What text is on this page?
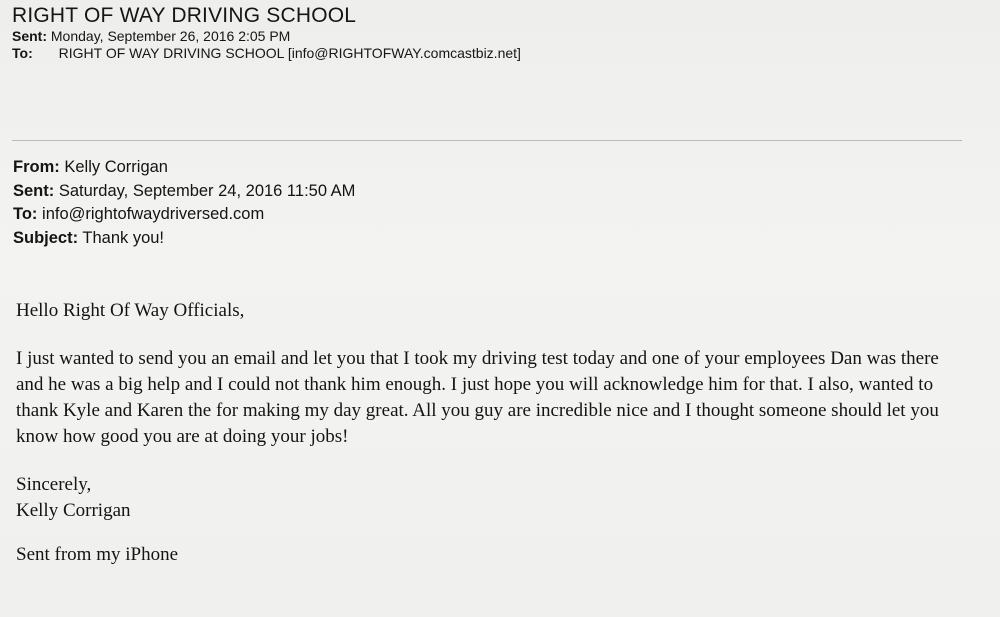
RIGHT OF WAY DRIVING SCHOOL
Sent: Monday, September 26, 2016 2:05 PM
To: RIGHT OF WAY DRIVING SCHOOL [info@RIGHTOFWAY.comcastbiz.net]
From: Kelly Corrigan
Sent: Saturday, September 24, 2016 11:50 AM
To: info@rightofwaydriversed.com
Subject: Thank you!

Hello Right Of Way Officials,

I just wanted to send you an email and let you that I took my driving test today and one of your employees Dan was there and he was a big help and I could not thank him enough. I just hope you will acknowledge him for that. I also, wanted to thank Kyle and Karen the for making my day great. All you guy are incredible nice and I thought someone should let you know how good you are at doing your jobs!

Sincerely,
Kelly Corrigan

Sent from my iPhone
